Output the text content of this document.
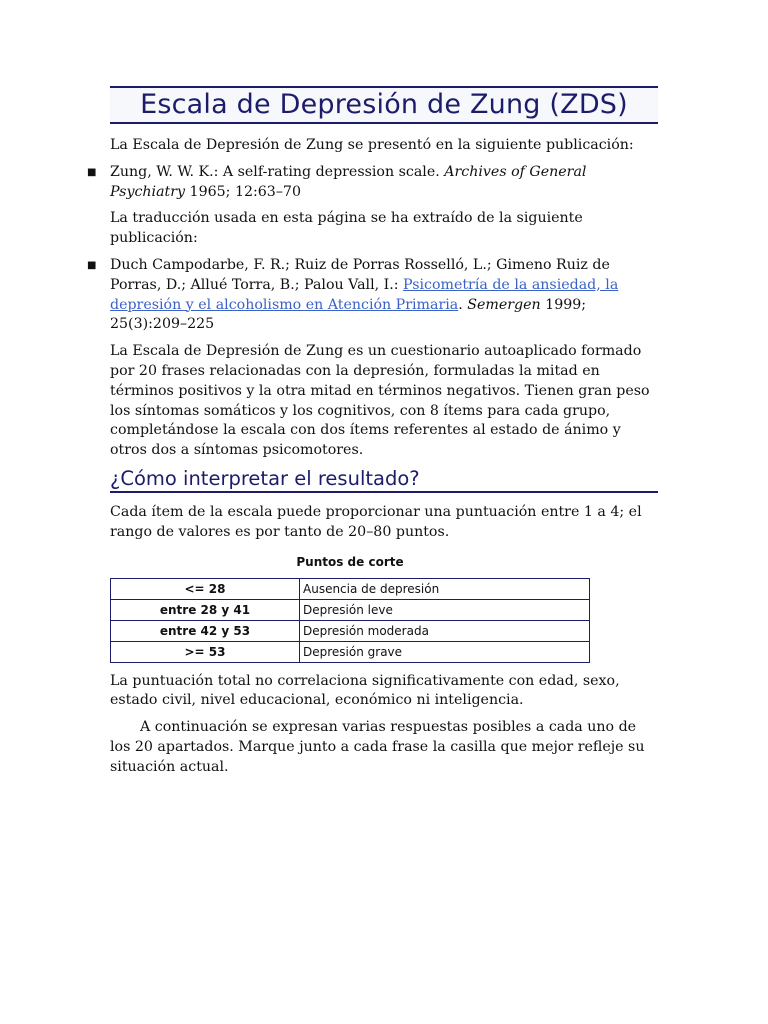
Escala de Depresión de Zung (ZDS)

La Escala de Depresión de Zung se presentó en la siguiente publicación:

■ Zung, W. W. K.: A self-rating depression scale. Archives of General Psychiatry 1965; 12:63–70

La traducción usada en esta página se ha extraído de la siguiente publicación:

■ Duch Campodarbe, F. R.; Ruiz de Porras Rosselló, L.; Gimeno Ruiz de Porras, D.; Allué Torra, B.; Palou Vall, I.: Psicometría de la ansiedad, la depresión y el alcoholismo en Atención Primaria. Semergen 1999; 25(3):209–225

La Escala de Depresión de Zung es un cuestionario autoaplicado formado por 20 frases relacionadas con la depresión, formuladas la mitad en términos positivos y la otra mitad en términos negativos. Tienen gran peso los síntomas somáticos y los cognitivos, con 8 ítems para cada grupo, completándose la escala con dos ítems referentes al estado de ánimo y otros dos a síntomas psicomotores.

¿Cómo interpretar el resultado?

Cada ítem de la escala puede proporcionar una puntuación entre 1 a 4; el rango de valores es por tanto de 20–80 puntos.

Puntos de corte
<= 28	Ausencia de depresión
entre 28 y 41	Depresión leve
entre 42 y 53	Depresión moderada
>= 53	Depresión grave

La puntuación total no correlaciona significativamente con edad, sexo, estado civil, nivel educacional, económico ni inteligencia.

A continuación se expresan varias respuestas posibles a cada uno de los 20 apartados. Marque junto a cada frase la casilla que mejor refleje su situación actual.
